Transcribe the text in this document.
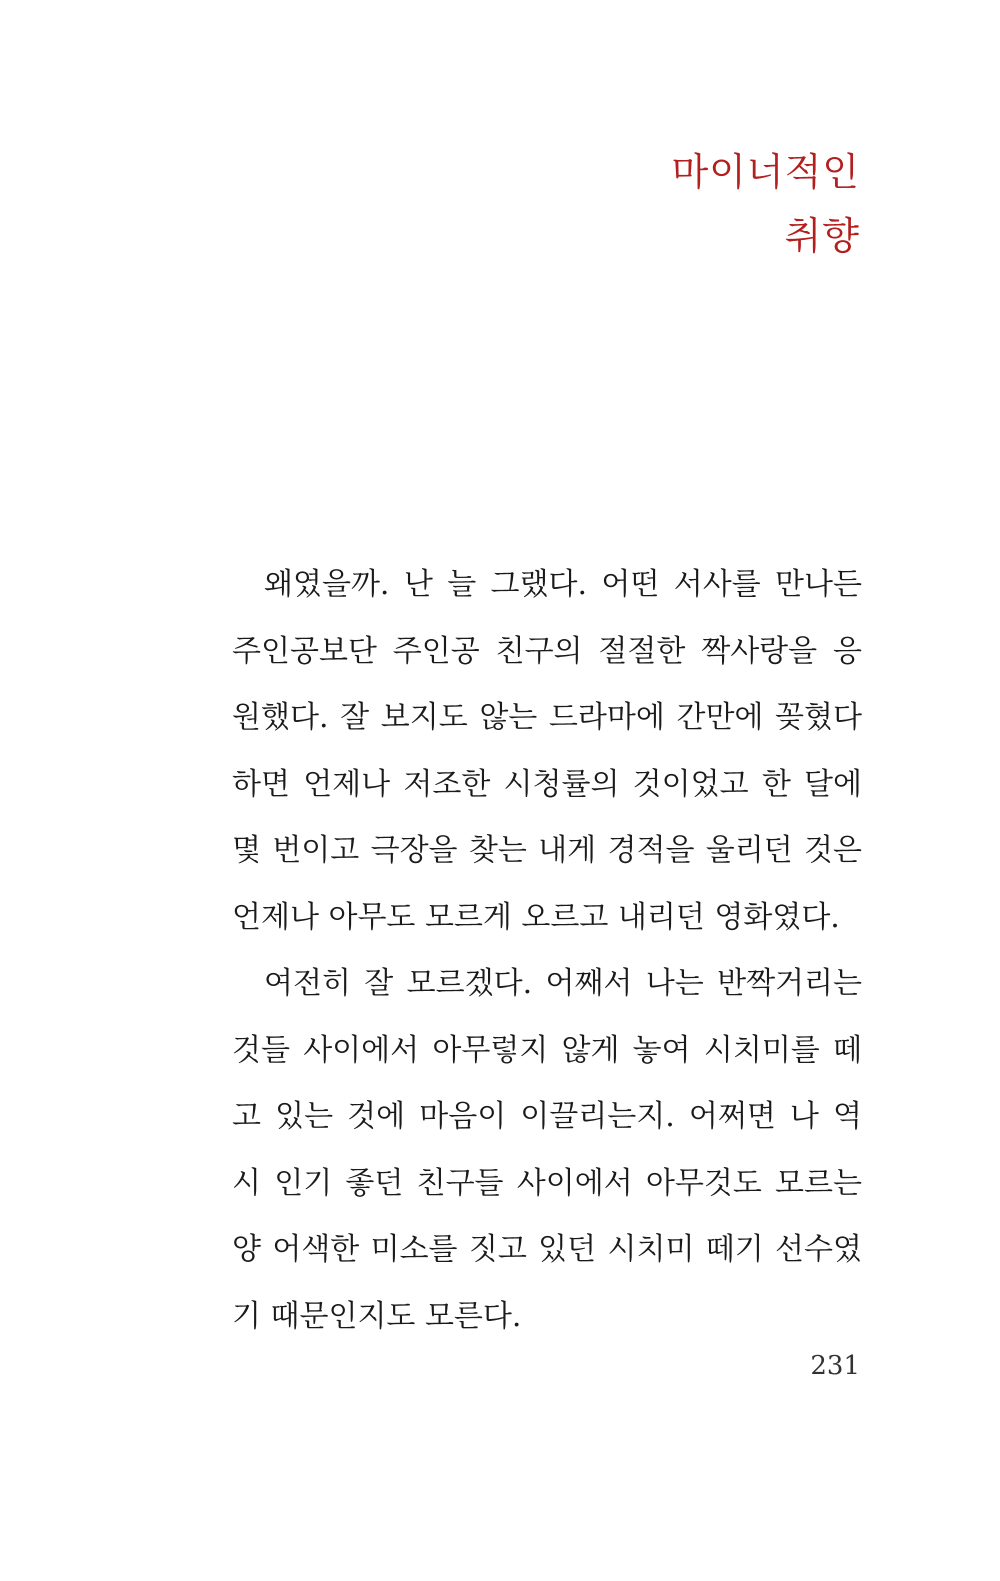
마이너적인
취향
왜였을까. 난 늘 그랬다. 어떤 서사를 만나든
주인공보단 주인공 친구의 절절한 짝사랑을 응
원했다. 잘 보지도 않는 드라마에 간만에 꽂혔다
하면 언제나 저조한 시청률의 것이었고 한 달에
몇 번이고 극장을 찾는 내게 경적을 울리던 것은
언제나 아무도 모르게 오르고 내리던 영화였다.
여전히 잘 모르겠다. 어째서 나는 반짝거리는
것들 사이에서 아무렇지 않게 놓여 시치미를 떼
고 있는 것에 마음이 이끌리는지. 어쩌면 나 역
시 인기 좋던 친구들 사이에서 아무것도 모르는
양 어색한 미소를 짓고 있던 시치미 떼기 선수였
기 때문인지도 모른다.
231
